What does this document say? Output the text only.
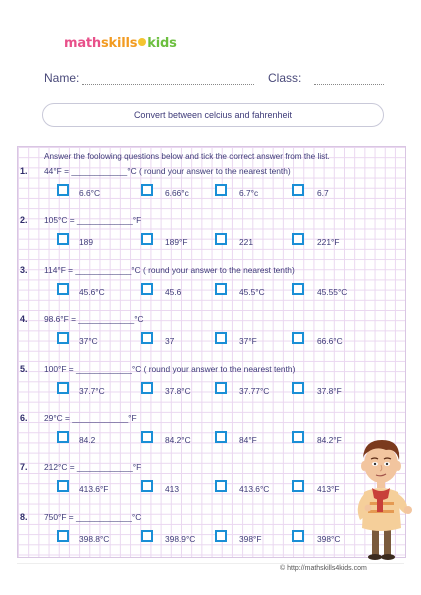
mathskills kids
Name:	Class:
Convert between celcius and fahrenheit
Answer the foolowing questions below and tick the correct answer from the list.
1. 44°F = ____________°C ( round your answer to the nearest tenth)
6.6°C	6.66°c	6.7°c	6.7
2. 105°C = ____________°F
189	189°F	221	221°F
3. 114°F = ____________°C ( round your answer to the nearest tenth)
45.6°C	45.6	45.5°C	45.55°C
4. 98.6°F = ____________°C
37°C	37	37°F	66.6°C
5. 100°F = ____________°C ( round your answer to the nearest tenth)
37.7°C	37.8°C	37.77°C	37.8°F
6. 29°C = ____________°F
84.2	84.2°C	84°F	84.2°F
7. 212°C = ____________°F
413.6°F	413	413.6°C	413°F
8. 750°F = ____________°C
398.8°C	398.9°C	398°F	398°C
© http://mathskills4kids.com
